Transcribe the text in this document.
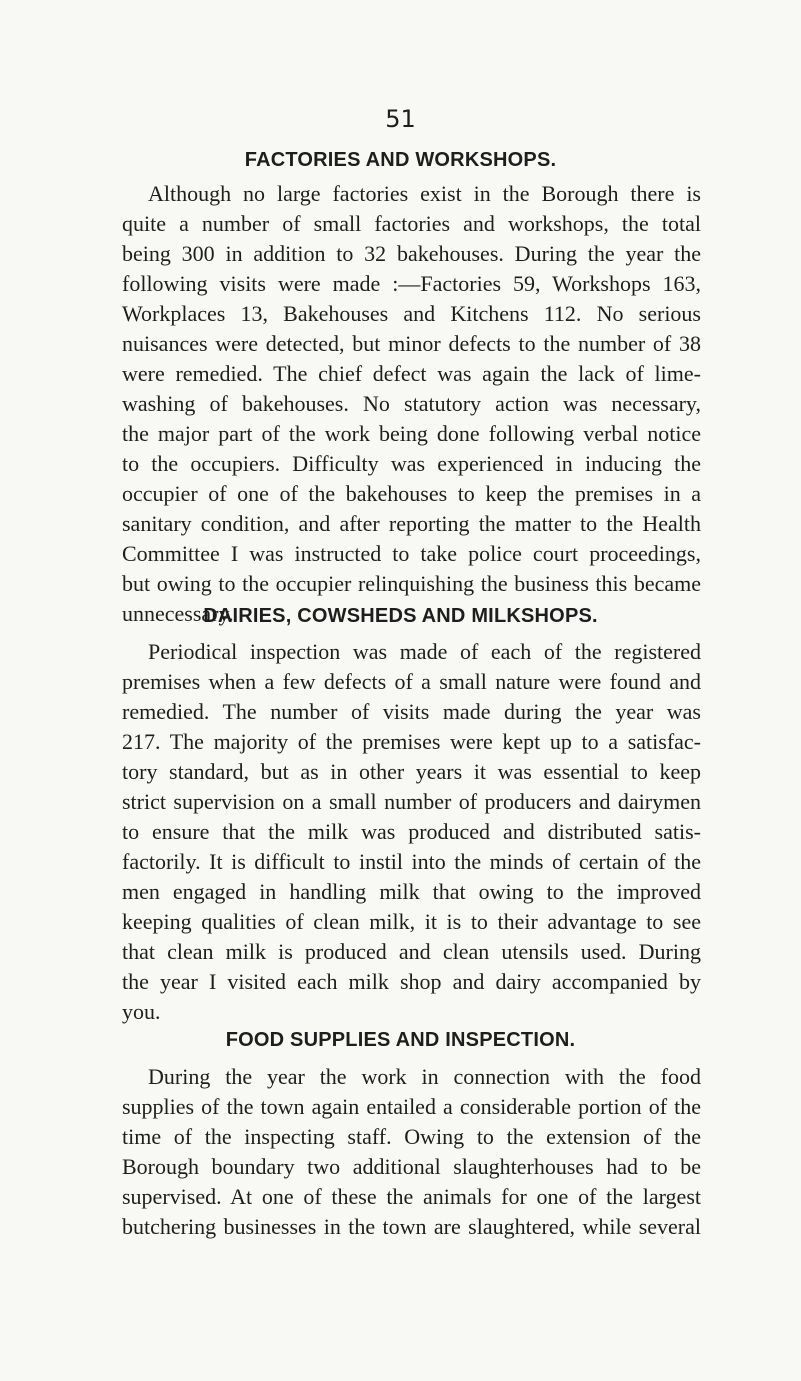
51
FACTORIES AND WORKSHOPS.
Although no large factories exist in the Borough there is
quite a number of small factories and workshops, the total
being 300 in addition to 32 bakehouses. During the year the
following visits were made :—Factories 59, Workshops 163,
Workplaces 13, Bakehouses and Kitchens 112. No serious
nuisances were detected, but minor defects to the number of 38
were remedied. The chief defect was again the lack of lime-
washing of bakehouses. No statutory action was necessary,
the major part of the work being done following verbal notice
to the occupiers. Difficulty was experienced in inducing the
occupier of one of the bakehouses to keep the premises in a
sanitary condition, and after reporting the matter to the Health
Committee I was instructed to take police court proceedings,
but owing to the occupier relinquishing the business this became
unnecessary.
DAIRIES, COWSHEDS AND MILKSHOPS.
Periodical inspection was made of each of the registered
premises when a few defects of a small nature were found and
remedied. The number of visits made during the year was
217. The majority of the premises were kept up to a satisfac-
tory standard, but as in other years it was essential to keep
strict supervision on a small number of producers and dairymen
to ensure that the milk was produced and distributed satis-
factorily. It is difficult to instil into the minds of certain of the
men engaged in handling milk that owing to the improved
keeping qualities of clean milk, it is to their advantage to see
that clean milk is produced and clean utensils used. During
the year I visited each milk shop and dairy accompanied by
you.
FOOD SUPPLIES AND INSPECTION.
During the year the work in connection with the food
supplies of the town again entailed a considerable portion of the
time of the inspecting staff. Owing to the extension of the
Borough boundary two additional slaughterhouses had to be
supervised. At one of these the animals for one of the largest
butchering businesses in the town are slaughtered, while several
